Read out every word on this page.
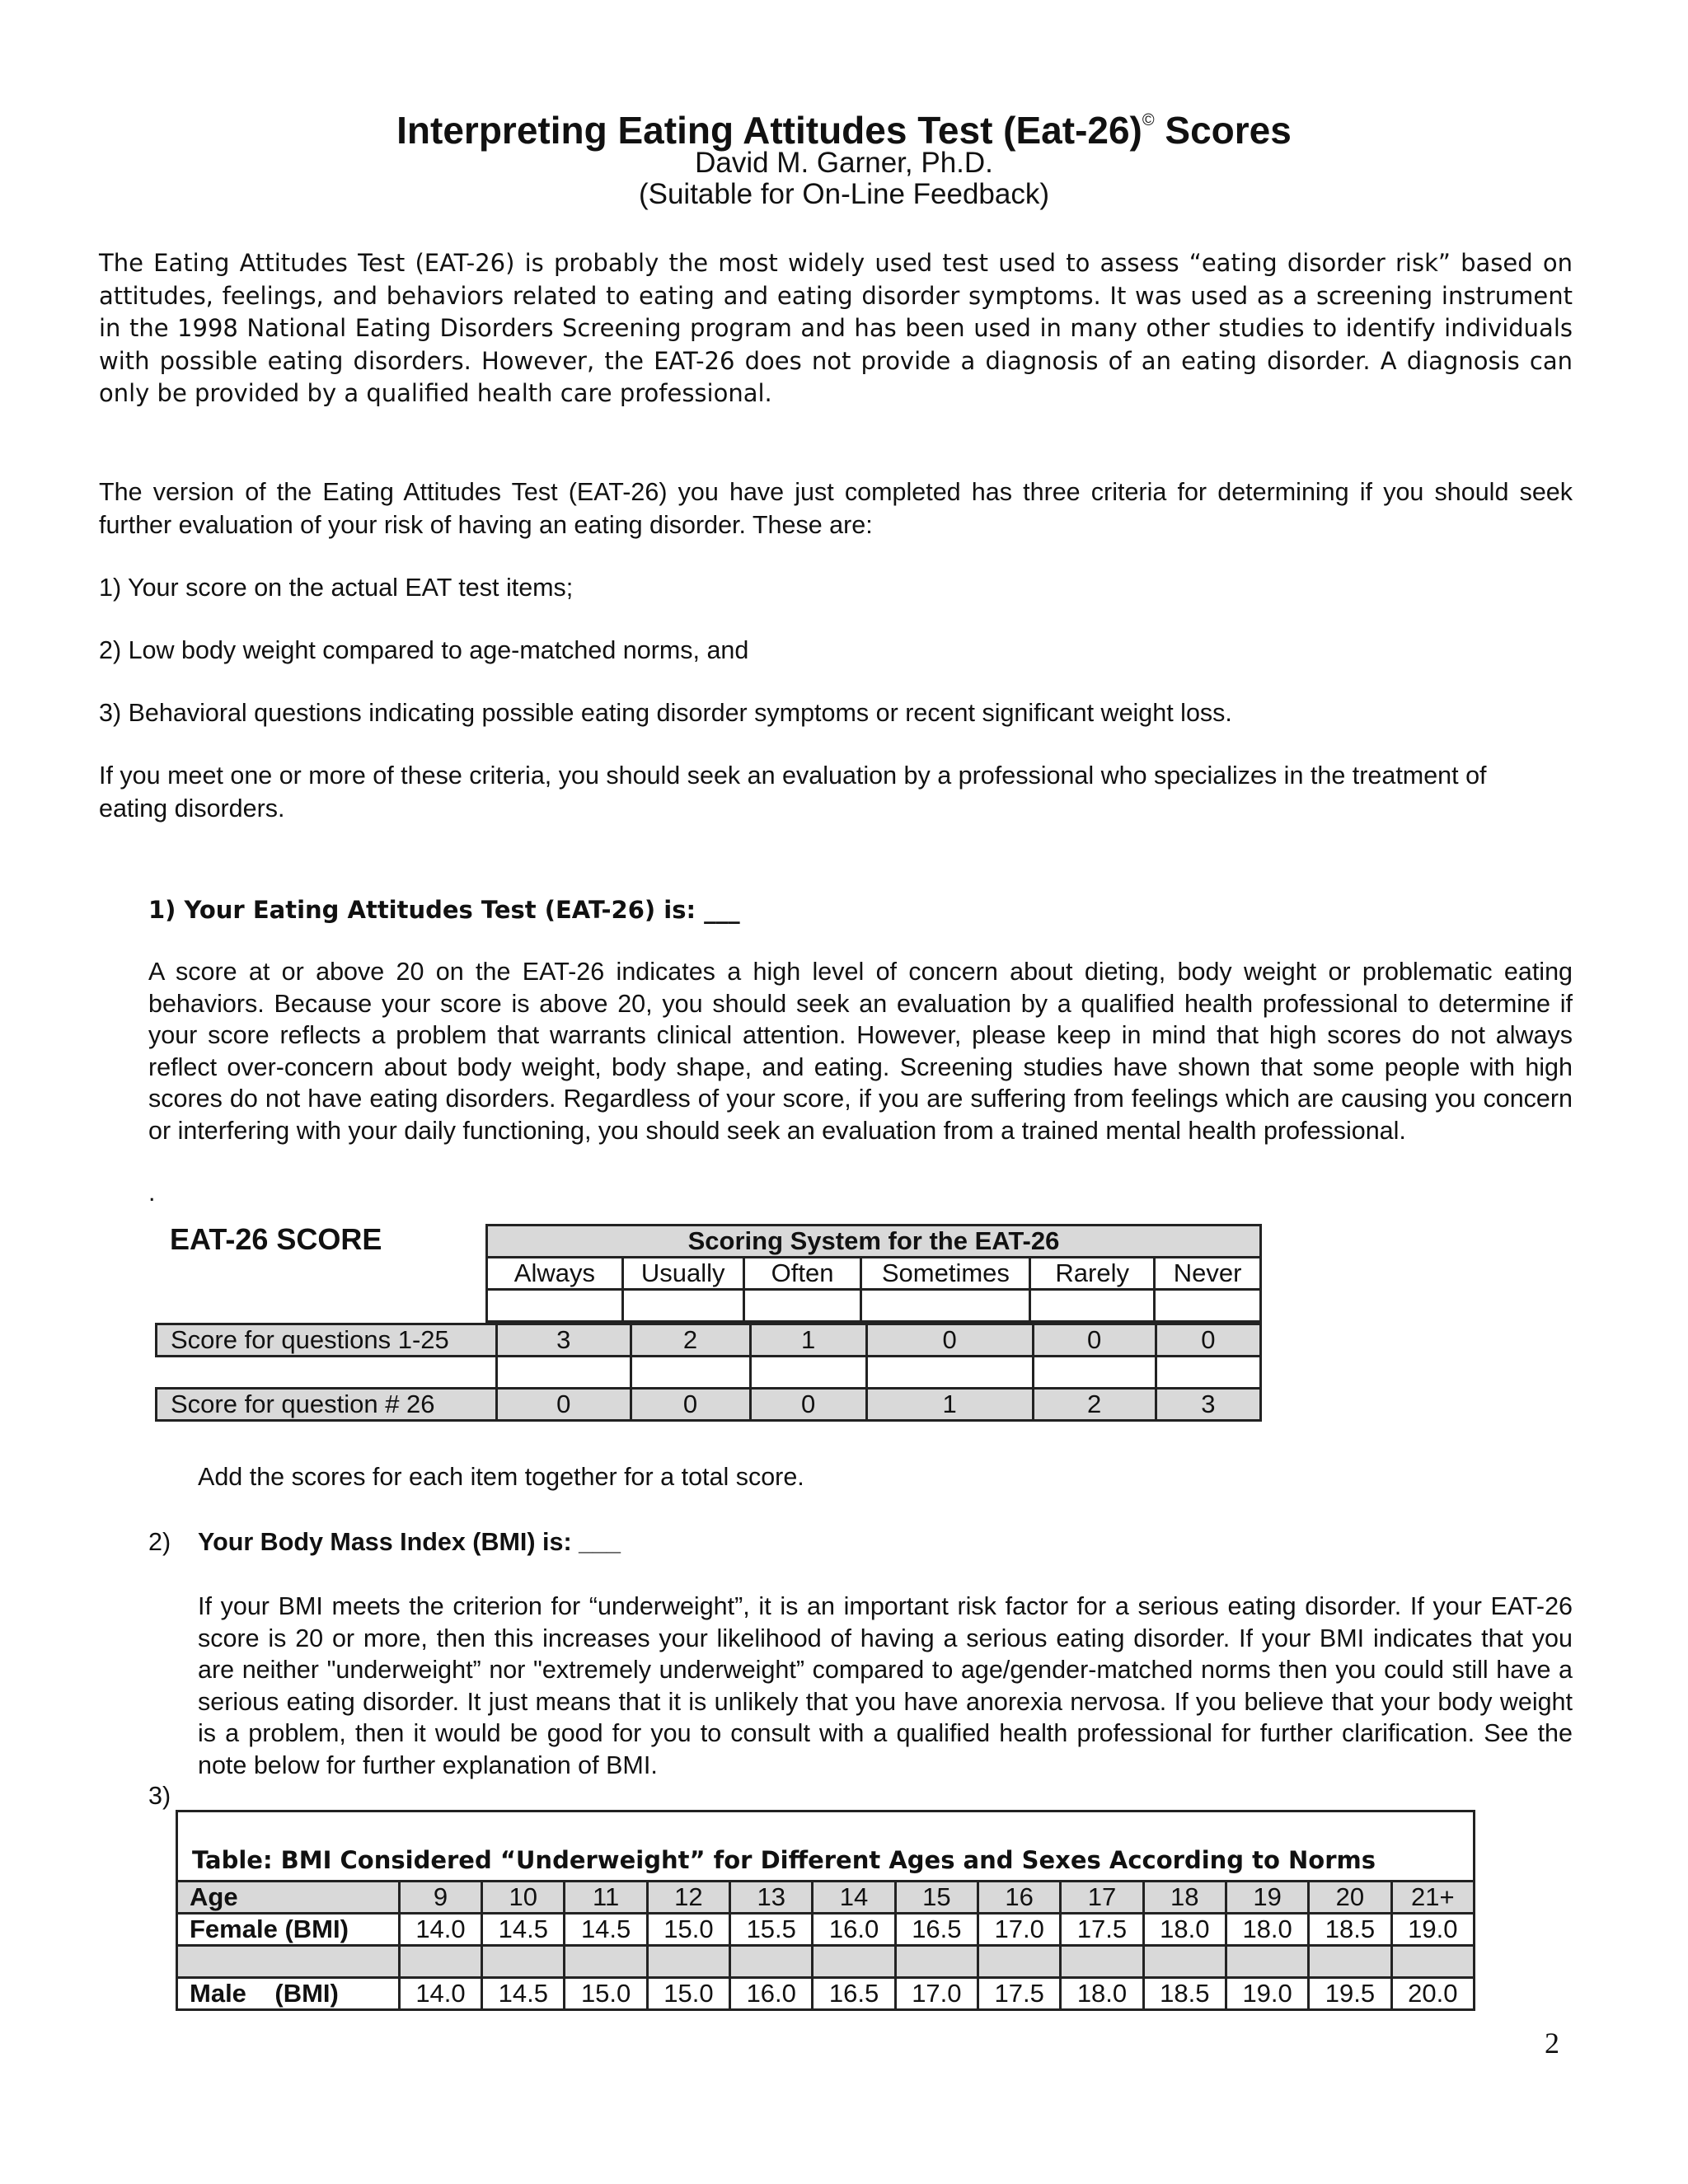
Interpreting Eating Attitudes Test (Eat-26)© Scores
David M. Garner, Ph.D.
(Suitable for On-Line Feedback)

The Eating Attitudes Test (EAT-26) is probably the most widely used test used to assess “eating disorder risk” based on attitudes, feelings, and behaviors related to eating and eating disorder symptoms. It was used as a screening instrument in the 1998 National Eating Disorders Screening program and has been used in many other studies to identify individuals with possible eating disorders. However, the EAT-26 does not provide a diagnosis of an eating disorder. A diagnosis can only be provided by a qualified health care professional.

The version of the Eating Attitudes Test (EAT-26) you have just completed has three criteria for determining if you should seek further evaluation of your risk of having an eating disorder. These are:

1) Your score on the actual EAT test items;
2) Low body weight compared to age-matched norms, and
3) Behavioral questions indicating possible eating disorder symptoms or recent significant weight loss.

If you meet one or more of these criteria, you should seek an evaluation by a professional who specializes in the treatment of eating disorders.

1) Your Eating Attitudes Test (EAT-26) is: ___

A score at or above 20 on the EAT-26 indicates a high level of concern about dieting, body weight or problematic eating behaviors. Because your score is above 20, you should seek an evaluation by a qualified health professional to determine if your score reflects a problem that warrants clinical attention. However, please keep in mind that high scores do not always reflect over-concern about body weight, body shape, and eating. Screening studies have shown that some people with high scores do not have eating disorders. Regardless of your score, if you are suffering from feelings which are causing you concern or interfering with your daily functioning, you should seek an evaluation from a trained mental health professional.

.
EAT-26 SCORE	Scoring System for the EAT-26					
Always	Usually	Often	Sometimes	Rarely	Never

Score for questions 1-25	3	2	1	0	0	0

Score for question # 26	0	0	0	1	2	3
Add the scores for each item together for a total score.
2) Your Body Mass Index (BMI) is: ___

If your BMI meets the criterion for “underweight”, it is an important risk factor for a serious eating disorder. If your EAT-26 score is 20 or more, then this increases your likelihood of having a serious eating disorder. If your BMI indicates that you are neither "underweight” nor "extremely underweight” compared to age/gender-matched norms then you could still have a serious eating disorder. It just means that it is unlikely that you have anorexia nervosa. If you believe that your body weight is a problem, then it would be good for you to consult with a qualified health professional for further clarification. See the note below for further explanation of BMI.

3)
Table: BMI Considered “Underweight” for Different Ages and Sexes According to Norms
Age	9	10	11	12	13	14	15	16	17	18	19	20	21+
Female (BMI)	14.0	14.5	14.5	15.0	15.5	16.0	16.5	17.0	17.5	18.0	18.0	18.5	19.0

Male    (BMI)	14.0	14.5	15.0	15.0	16.0	16.5	17.0	17.5	18.0	18.5	19.0	19.5	20.0
2
